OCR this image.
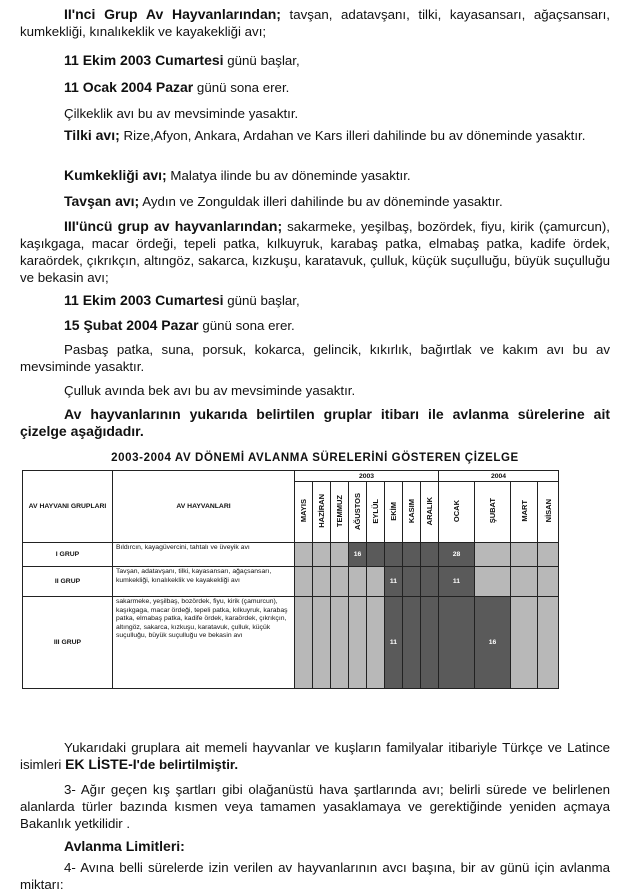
II'nci Grup Av Hayvanlarından; tavşan, adatavşanı, tilki, kayasansarı, ağaçsansarı, kumkekliği, kınalıkeklik ve kayakekliği avı;

11 Ekim 2003 Cumartesi günü başlar,

11 Ocak 2004 Pazar günü sona erer.

Çilkeklik avı bu av mevsiminde yasaktır.

Tilki avı; Rize,Afyon, Ankara, Ardahan ve Kars illeri dahilinde bu av döneminde yasaktır.

Kumkekliği avı; Malatya ilinde bu av döneminde yasaktır.

Tavşan avı; Aydın ve Zonguldak illeri dahilinde bu av döneminde yasaktır.

III'üncü grup av hayvanlarından; sakarmeke, yeşilbaş, bozördek, fiyu, kirik (çamurcun), kaşıkgaga, macar ördeği, tepeli patka, kılkuyruk, karabaş patka, elmabaş patka, kadife ördek, karaördek, çıkrıkçın, altıngöz, sakarca, kızkuşu, karatavuk, çulluk, küçük suçulluğu, büyük suçulluğu ve bekasin avı;

11 Ekim 2003 Cumartesi günü başlar,

15 Şubat 2004 Pazar günü sona erer.

Pasbaş patka, suna, porsuk, kokarca, gelincik, kıkırlık, bağırtlak ve kakım avı bu av mevsiminde yasaktır.

Çulluk avında bek avı bu av mevsiminde yasaktır.

Av hayvanlarının yukarıda belirtilen gruplar itibarı ile avlanma sürelerine ait çizelge aşağıdadır.

2003-2004 AV DÖNEMİ AVLANMA SÜRELERİNİ GÖSTEREN ÇİZELGE
AV HAYVANI GRUPLARI	AV HAYVANLARI	2003								2004			
		MAYIS	HAZİRAN	TEMMUZ	AĞUSTOS	EYLÜL	EKİM	KASIM	ARALIK	OCAK	ŞUBAT	MART	NİSAN
I GRUP	Bıldırcın, kayagüvercini, tahtalı ve üveyik avı				16					28			
II GRUP	Tavşan, adatavşanı, tilki, kayasansarı, ağaçsansarı, kumkekliği, kınalıkeklik ve kayakekliği avı						11			11			
III GRUP	sakarmeke, yeşilbaş, bozördek, fiyu, kirik (çamurcun), kaşıkgaga, macar ördeği, tepeli patka, kılkuyruk, karabaş patka, elmabaş patka, kadife ördek, karaördek, çıkrıkçın, altıngöz, sakarca, kızkuşu, karatavuk, çulluk, küçük suçulluğu, büyük suçulluğu ve bekasin avı						11				16		

Yukarıdaki gruplara ait memeli hayvanlar ve kuşların familyalar itibariyle Türkçe ve Latince isimleri EK LİSTE-I'de belirtilmiştir.

3- Ağır geçen kış şartları gibi olağanüstü hava şartlarında avı; belirli sürede ve belirlenen alanlarda türler bazında kısmen veya tamamen yasaklamaya ve gerektiğinde yeniden açmaya Bakanlık yetkilidir .

Avlanma Limitleri:

4- Avına belli sürelerde izin verilen av hayvanlarının avcı başına, bir av günü için avlanma miktarı:
